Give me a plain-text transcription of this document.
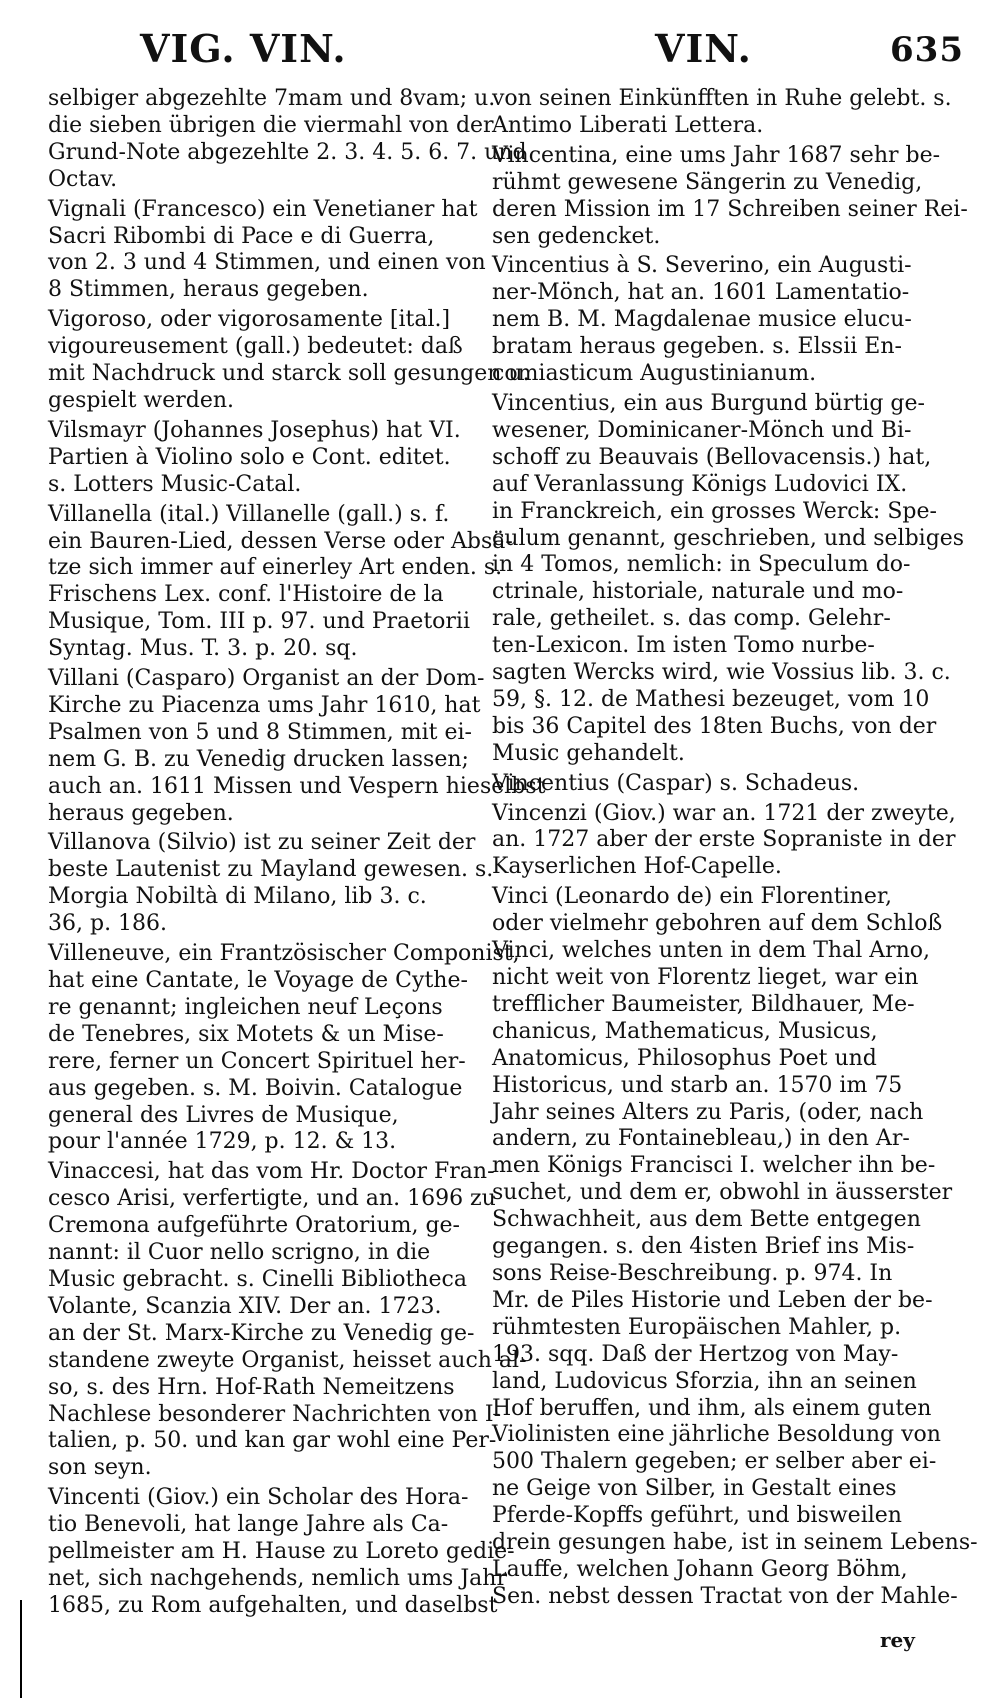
VIG. VIN.	VIN.	635
selbiger abgezehlte 7mam und 8vam; u.
die sieben übrigen die viermahl von der
Grund-Note abgezehlte 2. 3. 4. 5. 6. 7. und
Octav.
Vignali (Francesco) ein Venetianer hat
Sacri Ribombi di Pace e di Guerra,
von 2. 3 und 4 Stimmen, und einen von
8 Stimmen, heraus gegeben.
Vigoroso, oder vigorosamente [ital.]
vigoureusement (gall.) bedeutet: daß
mit Nachdruck und starck soll gesungen u.
gespielt werden.
Vilsmayr (Johannes Josephus) hat VI.
Partien à Violino solo e Cont. editet.
s. Lotters Music-Catal.
Villanella (ital.) Villanelle (gall.) s. f.
ein Bauren-Lied, dessen Verse oder Absä-
tze sich immer auf einerley Art enden. s.
Frischens Lex. conf. l'Histoire de la
Musique, Tom. III p. 97. und Praetorii
Syntag. Mus. T. 3. p. 20. sq.
Villani (Casparo) Organist an der Dom-
Kirche zu Piacenza ums Jahr 1610, hat
Psalmen von 5 und 8 Stimmen, mit ei-
nem G. B. zu Venedig drucken lassen;
auch an. 1611 Missen und Vespern hieselbst
heraus gegeben.
Villanova (Silvio) ist zu seiner Zeit der
beste Lautenist zu Mayland gewesen. s.
Morgia Nobiltà di Milano, lib 3. c.
36, p. 186.
Villeneuve, ein Frantzösischer Componist,
hat eine Cantate, le Voyage de Cythe-
re genannt; ingleichen neuf Leçons
de Tenebres, six Motets & un Mise-
rere, ferner un Concert Spirituel her-
aus gegeben. s. M. Boivin. Catalogue
general des Livres de Musique,
pour l'année 1729, p. 12. & 13.
Vinaccesi, hat das vom Hr. Doctor Fran-
cesco Arisi, verfertigte, und an. 1696 zu
Cremona aufgeführte Oratorium, ge-
nannt: il Cuor nello scrigno, in die
Music gebracht. s. Cinelli Bibliotheca
Volante, Scanzia XIV. Der an. 1723.
an der St. Marx-Kirche zu Venedig ge-
standene zweyte Organist, heisset auch al-
so, s. des Hrn. Hof-Rath Nemeitzens
Nachlese besonderer Nachrichten von I-
talien, p. 50. und kan gar wohl eine Per-
son seyn.
Vincenti (Giov.) ein Scholar des Hora-
tio Benevoli, hat lange Jahre als Ca-
pellmeister am H. Hause zu Loreto gedie-
net, sich nachgehends, nemlich ums Jahr
1685, zu Rom aufgehalten, und daselbst
von seinen Einkünfften in Ruhe gelebt. s.
Antimo Liberati Lettera.
Vincentina, eine ums Jahr 1687 sehr be-
rühmt gewesene Sängerin zu Venedig,
deren Mission im 17 Schreiben seiner Rei-
sen gedencket.
Vincentius à S. Severino, ein Augusti-
ner-Mönch, hat an. 1601 Lamentatio-
nem B. M. Magdalenae musice elucu-
bratam heraus gegeben. s. Elssii En-
comiasticum Augustinianum.
Vincentius, ein aus Burgund bürtig ge-
wesener, Dominicaner-Mönch und Bi-
schoff zu Beauvais (Bellovacensis.) hat,
auf Veranlassung Königs Ludovici IX.
in Franckreich, ein grosses Werck: Spe-
culum genannt, geschrieben, und selbiges
in 4 Tomos, nemlich: in Speculum do-
ctrinale, historiale, naturale und mo-
rale, getheilet. s. das comp. Gelehr-
ten-Lexicon. Im isten Tomo nurbe-
sagten Wercks wird, wie Vossius lib. 3. c.
59, §. 12. de Mathesi bezeuget, vom 10
bis 36 Capitel des 18ten Buchs, von der
Music gehandelt.
Vincentius (Caspar) s. Schadeus.
Vincenzi (Giov.) war an. 1721 der zweyte,
an. 1727 aber der erste Sopraniste in der
Kayserlichen Hof-Capelle.
Vinci (Leonardo de) ein Florentiner,
oder vielmehr gebohren auf dem Schloß
Vinci, welches unten in dem Thal Arno,
nicht weit von Florentz lieget, war ein
trefflicher Baumeister, Bildhauer, Me-
chanicus, Mathematicus, Musicus,
Anatomicus, Philosophus Poet und
Historicus, und starb an. 1570 im 75
Jahr seines Alters zu Paris, (oder, nach
andern, zu Fontainebleau,) in den Ar-
men Königs Francisci I. welcher ihn be-
suchet, und dem er, obwohl in äusserster
Schwachheit, aus dem Bette entgegen
gegangen. s. den 4isten Brief ins Mis-
sons Reise-Beschreibung. p. 974. In
Mr. de Piles Historie und Leben der be-
rühmtesten Europäischen Mahler, p.
193. sqq. Daß der Hertzog von May-
land, Ludovicus Sforzia, ihn an seinen
Hof beruffen, und ihm, als einem guten
Violinisten eine jährliche Besoldung von
500 Thalern gegeben; er selber aber ei-
ne Geige von Silber, in Gestalt eines
Pferde-Kopffs geführt, und bisweilen
drein gesungen habe, ist in seinem Lebens-
Lauffe, welchen Johann Georg Böhm,
Sen. nebst dessen Tractat von der Mahle-
rey
